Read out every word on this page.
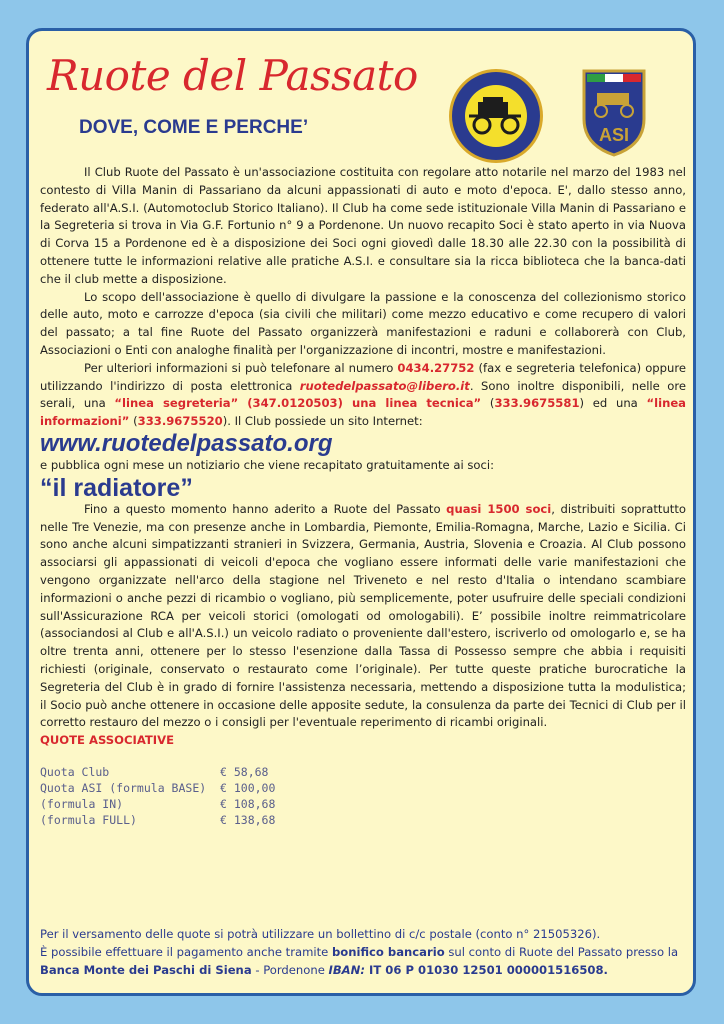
Ruote del Passato
DOVE, COME E PERCHE’	ASI

Il Club Ruote del Passato è un'associazione costituita con regolare atto notarile nel marzo del 1983 nel contesto di Villa Manin di Passariano da alcuni appassionati di auto e moto d'epoca. E', dallo stesso anno, federato all'A.S.I. (Automotoclub Storico Italiano). Il Club ha come sede istituzionale Villa Manin di Passariano e la Segreteria si trova in Via G.F. Fortunio n° 9 a Pordenone. Un nuovo recapito Soci è stato aperto in via Nuova di Corva 15 a Pordenone ed è a disposizione dei Soci ogni giovedì dalle 18.30 alle 22.30 con la possibilità di ottenere tutte le informazioni relative alle pratiche A.S.I. e consultare sia la ricca biblioteca che la banca-dati che il club mette a disposizione.

Lo scopo dell'associazione è quello di divulgare la passione e la conoscenza del collezionismo storico delle auto, moto e carrozze d'epoca (sia civili che militari) come mezzo educativo e come recupero di valori del passato; a tal fine Ruote del Passato organizzerà manifestazioni e raduni e collaborerà con Club, Associazioni o Enti con analoghe finalità per l'organizzazione di incontri, mostre e manifestazioni.

Per ulteriori informazioni si può telefonare al numero 0434.27752 (fax e segreteria telefonica) oppure utilizzando l'indirizzo di posta elettronica ruotedelpassato@libero.it. Sono inoltre disponibili, nelle ore serali, una “linea segreteria” (347.0120503) una linea tecnica” (333.9675581) ed una “linea informazioni” (333.9675520). Il Club possiede un sito Internet:

www.ruotedelpassato.org

e pubblica ogni mese un notiziario che viene recapitato gratuitamente ai soci:

“il radiatore”

Fino a questo momento hanno aderito a Ruote del Passato quasi 1500 soci, distribuiti soprattutto nelle Tre Venezie, ma con presenze anche in Lombardia, Piemonte, Emilia-Romagna, Marche, Lazio e Sicilia. Ci sono anche alcuni simpatizzanti stranieri in Svizzera, Germania, Austria, Slovenia e Croazia. Al Club possono associarsi gli appassionati di veicoli d'epoca che vogliano essere informati delle varie manifestazioni che vengono organizzate nell'arco della stagione nel Triveneto e nel resto d'Italia o intendano scambiare informazioni o anche pezzi di ricambio o vogliano, più semplicemente, poter usufruire delle speciali condizioni sull'Assicurazione RCA per veicoli storici (omologati od omologabili). E’ possibile inoltre reimmatricolare (associandosi al Club e all'A.S.I.) un veicolo radiato o proveniente dall'estero, iscriverlo od omologarlo e, se ha oltre trenta anni, ottenere per lo stesso l'esenzione dalla Tassa di Possesso sempre che abbia i requisiti richiesti (originale, conservato o restaurato come l’originale). Per tutte queste pratiche burocratiche la Segreteria del Club è in grado di fornire l'assistenza necessaria, mettendo a disposizione tutta la modulistica; il Socio può anche ottenere in occasione delle apposite sedute, la consulenza da parte dei Tecnici di Club per il corretto restauro del mezzo o i consigli per l'eventuale reperimento di ricambi originali.

QUOTE ASSOCIATIVE

Quota Club	€ 58,68
Quota ASI (formula BASE)	€ 100,00
(formula IN)	€ 108,68
(formula FULL)	€ 138,68

Per il versamento delle quote si potrà utilizzare un bollettino di c/c postale (conto n° 21505326).

È possibile effettuare il pagamento anche tramite bonifico bancario sul conto di Ruote del Passato presso la Banca Monte dei Paschi di Siena - Pordenone IBAN: IT 06 P 01030 12501 000001516508.
